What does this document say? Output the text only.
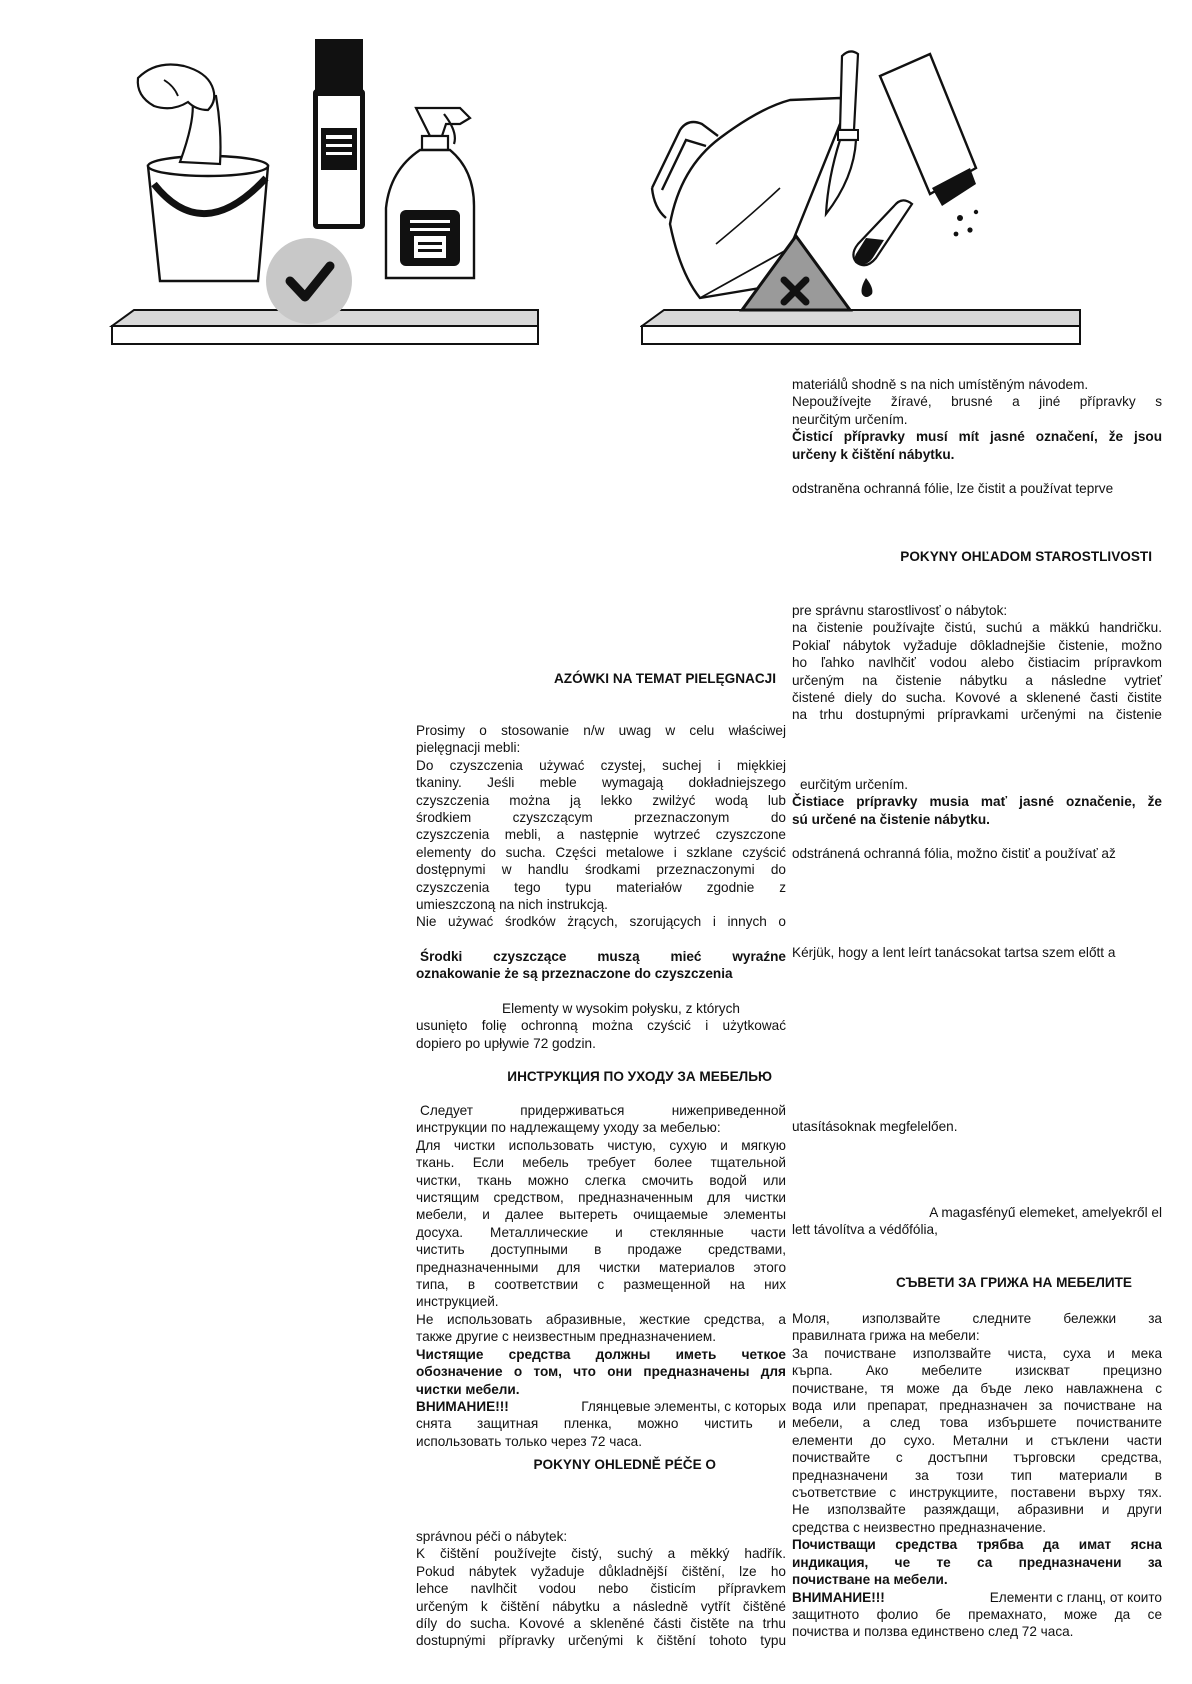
materiálů shodně s na nich umístěným návodem.
Nepoužívejte žíravé, brusné a jiné přípravky s
neurčitým určením.
Čisticí přípravky musí mít jasné označení, že jsou
určeny k čištění nábytku.
odstraněna ochranná fólie, lze čistit a používat teprve
POKYNY OHĽADOM STAROSTLIVOSTI
pre správnu starostlivosť o nábytok:
na čistenie používajte čistú, suchú a mäkkú handričku.
Pokiaľ nábytok vyžaduje dôkladnejšie čistenie, možno
ho ľahko navlhčiť vodou alebo čistiacim prípravkom
určeným na čistenie nábytku a následne vytrieť
čistené diely do sucha. Kovové a sklenené časti čistite
na trhu dostupnými prípravkami určenými na čistenie
eurčitým určením.
Čistiace prípravky musia mať jasné označenie, že
sú určené na čistenie nábytku.
odstránená ochranná fólia, možno čistiť a používať až
AZÓWKI NA TEMAT PIELĘGNACJI
Prosimy o stosowanie n/w uwag w celu właściwej
pielęgnacji mebli:
Do czyszczenia używać czystej, suchej i miękkiej
tkaniny. Jeśli meble wymagają dokładniejszego
czyszczenia można ją lekko zwilżyć wodą lub
środkiem czyszczącym przeznaczonym do
czyszczenia mebli, a następnie wytrzeć czyszczone
elementy do sucha. Części metalowe i szklane czyścić
dostępnymi w handlu środkami przeznaczonymi do
czyszczenia tego typu materiałów zgodnie z
umieszczoną na nich instrukcją.
Nie używać środków żrących, szorujących i innych o
Środki czyszczące muszą mieć wyraźne
oznakowanie że są przeznaczone do czyszczenia
Elementy w wysokim połysku, z których
usunięto folię ochronną można czyścić i użytkować
dopiero po upływie 72 godzin.
Kérjük, hogy a lent leírt tanácsokat tartsa szem előtt a
utasításoknak megfelelően.
A magasfényű elemeket, amelyekről el
lett távolítva a védőfólia,
ИНСТРУКЦИЯ ПО УХОДУ ЗА МЕБЕЛЬЮ
Следует придерживаться нижеприведенной
инструкции по надлежащему уходу за мебелью:
Для чистки использовать чистую, сухую и мягкую
ткань. Если мебель требует более тщательной
чистки, ткань можно слегка смочить водой или
чистящим средством, предназначенным для чистки
мебели, и далее вытереть очищаемые элементы
досуха. Металлические и стеклянные части
чистить доступными в продаже средствами,
предназначенными для чистки материалов этого
типа, в соответствии с размещенной на них
инструкцией.
Не использовать абразивные, жесткие средства, а
также другие с неизвестным предназначением.
Чистящие средства должны иметь четкое
обозначение о том, что они предназначены для
чистки мебели.
ВНИМАНИЕ!!!	Глянцевые элементы, с которых
снята защитная пленка, можно чистить и
использовать только через 72 часа.
СЪВЕТИ ЗА ГРИЖА НА МЕБЕЛИТЕ
Моля, използвайте следните бележки за
правилната грижа на мебели:
За почистване използвайте чиста, суха и мека
кърпа. Ако мебелите изискват прецизно
почистване, тя може да бъде леко навлажнена с
вода или препарат, предназначен за почистване на
мебели, а след това избършете почистваните
елементи до сухо. Метални и стъклени части
почиствайте с достъпни търговски средства,
предназначени за този тип материали в
съответствие с инструкциите, поставени върху тях.
Не използвайте разяждащи, абразивни и други
средства с неизвестно предназначение.
Почистващи средства трябва да имат ясна
индикация, че те са предназначени за
почистване на мебели.
ВНИМАНИЕ!!!	Елементи с гланц, от които
защитното фолио бе премахнато, може да се
почиства и ползва единствено след 72 часа.
POKYNY OHLEDNĚ PÉČE O
správnou péči o nábytek:
K čištění používejte čistý, suchý a měkký hadřík.
Pokud nábytek vyžaduje důkladnější čištění, lze ho
lehce navlhčit vodou nebo čisticím přípravkem
určeným k čištění nábytku a následně vytřít čištěné
díly do sucha. Kovové a skleněné části čistěte na trhu
dostupnými přípravky určenými k čištění tohoto typu
